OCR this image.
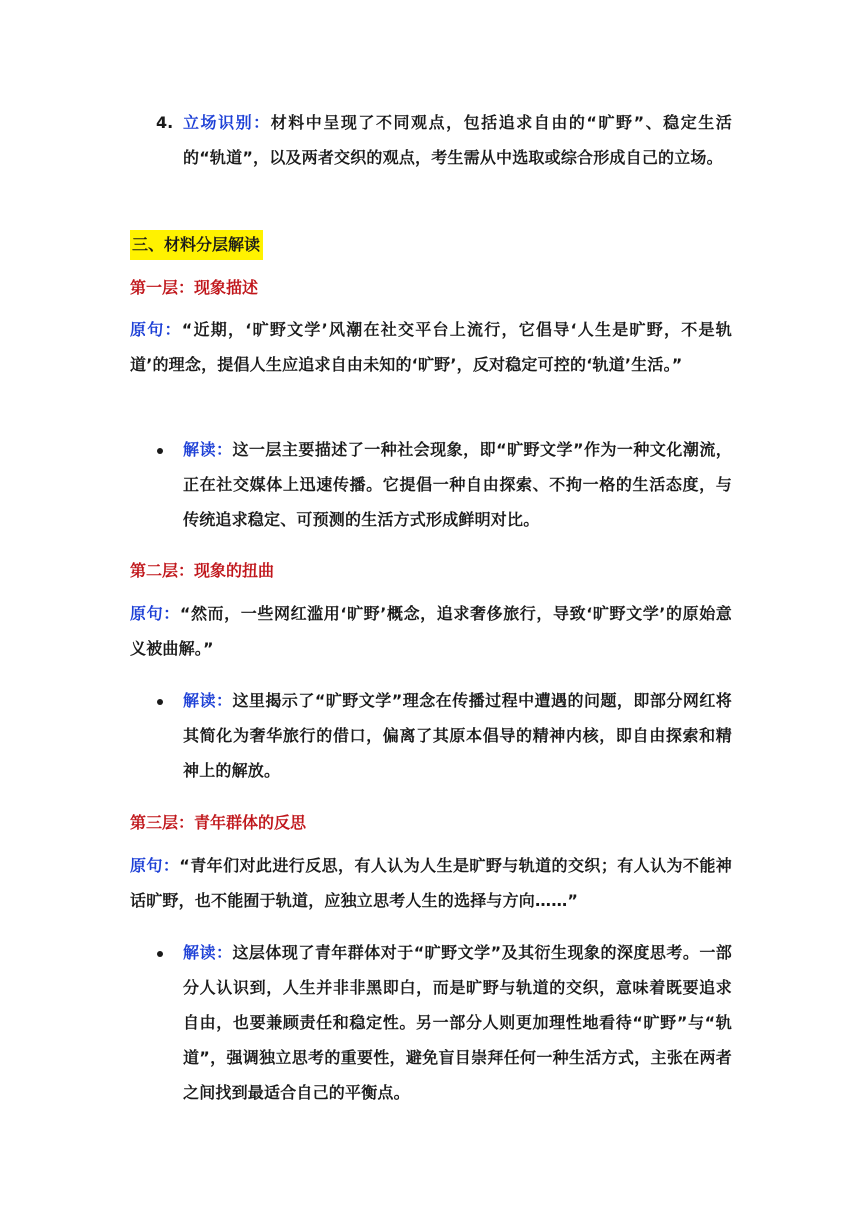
4. 立场识别：材料中呈现了不同观点，包括追求自由的“旷野”、稳定生活的“轨道”，以及两者交织的观点，考生需从中选取或综合形成自己的立场。
三、材料分层解读
第一层：现象描述
原句：“近期，‘旷野文学’风潮在社交平台上流行，它倡导‘人生是旷野，不是轨道’的理念，提倡人生应追求自由未知的‘旷野’，反对稳定可控的‘轨道’生活。”
解读：这一层主要描述了一种社会现象，即“旷野文学”作为一种文化潮流，正在社交媒体上迅速传播。它提倡一种自由探索、不拘一格的生活态度，与传统追求稳定、可预测的生活方式形成鲜明对比。
第二层：现象的扭曲
原句：“然而，一些网红滥用‘旷野’概念，追求奢侈旅行，导致‘旷野文学’的原始意义被曲解。”
解读：这里揭示了“旷野文学”理念在传播过程中遭遇的问题，即部分网红将其简化为奢华旅行的借口，偏离了其原本倡导的精神内核，即自由探索和精神上的解放。
第三层：青年群体的反思
原句：“青年们对此进行反思，有人认为人生是旷野与轨道的交织；有人认为不能神话旷野，也不能囿于轨道，应独立思考人生的选择与方向……”
解读：这层体现了青年群体对于“旷野文学”及其衍生现象的深度思考。一部分人认识到，人生并非非黑即白，而是旷野与轨道的交织，意味着既要追求自由，也要兼顾责任和稳定性。另一部分人则更加理性地看待“旷野”与“轨道”，强调独立思考的重要性，避免盲目崇拜任何一种生活方式，主张在两者之间找到最适合自己的平衡点。
